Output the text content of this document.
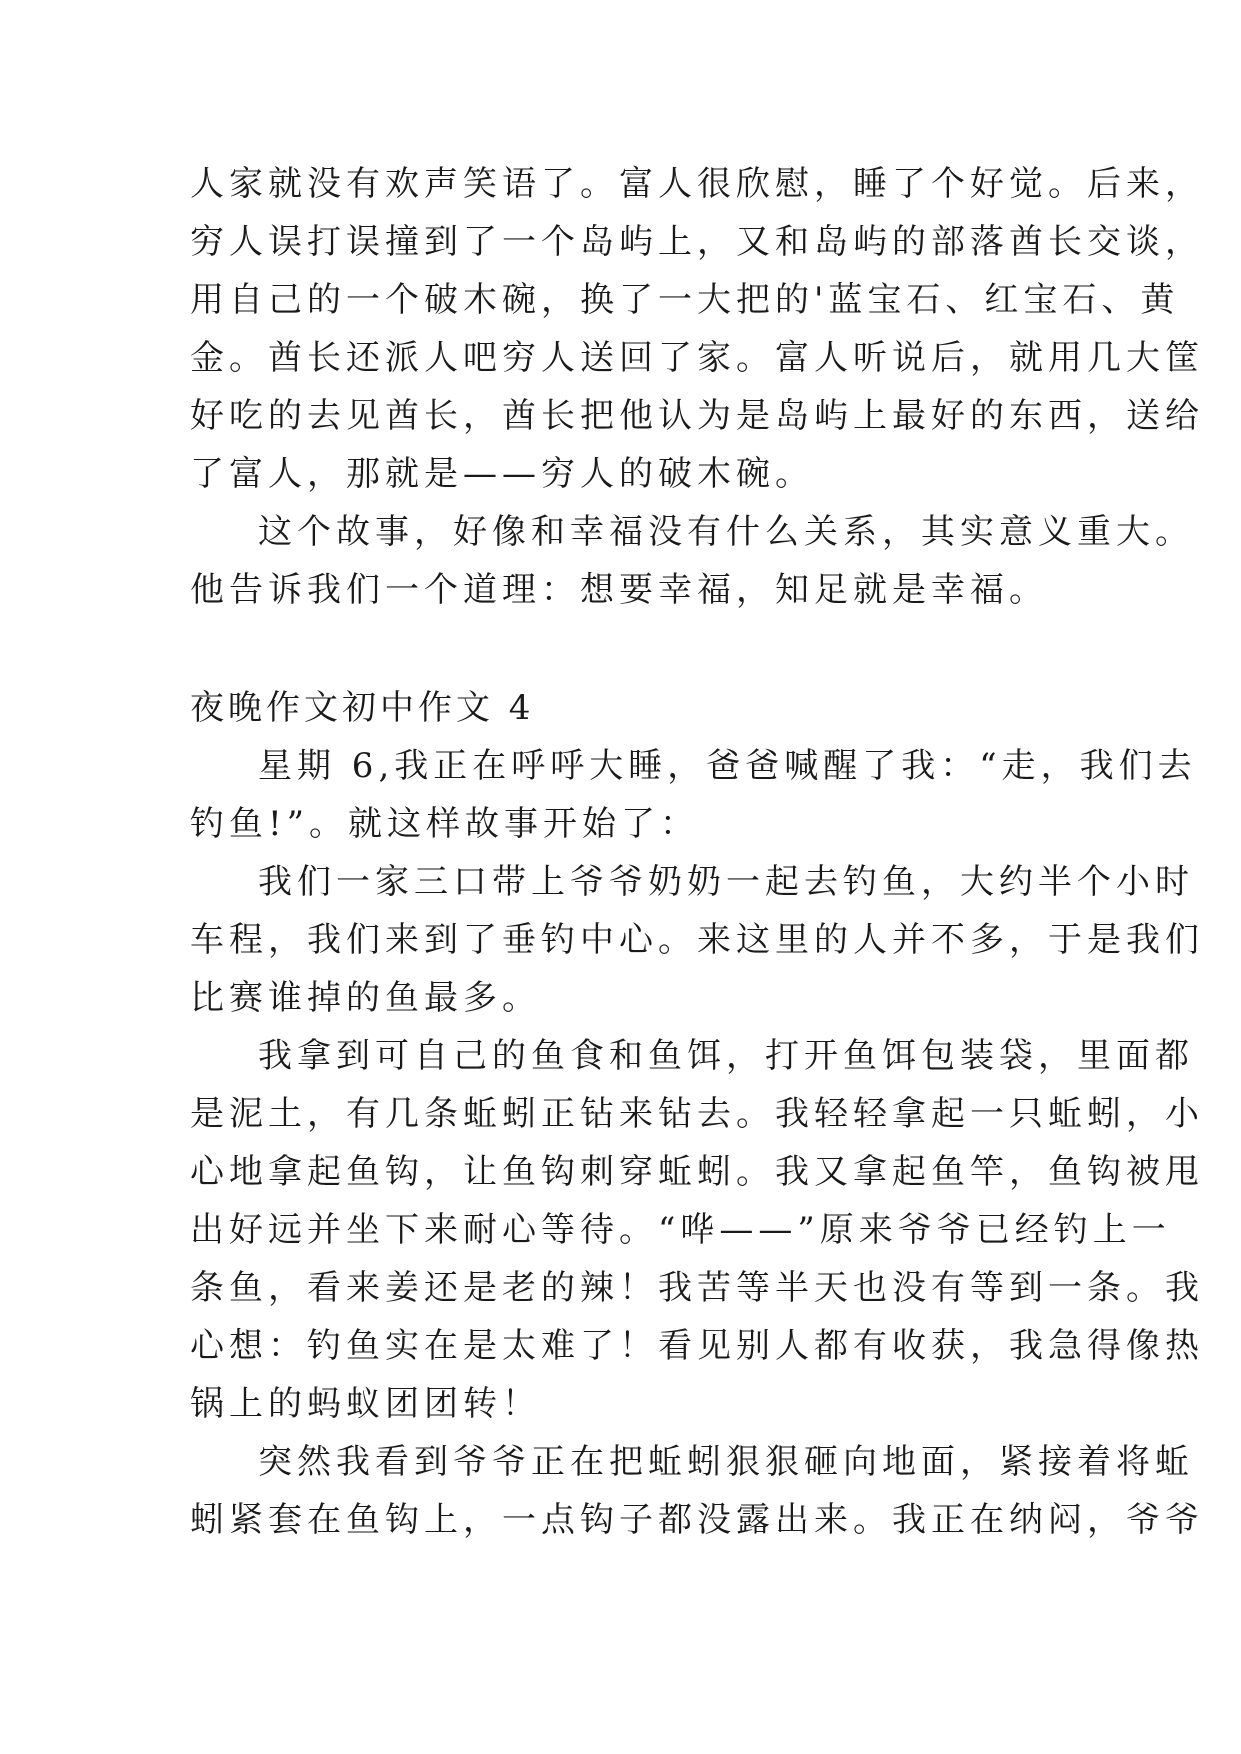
人家就没有欢声笑语了。富人很欣慰，睡了个好觉。后来，
穷人误打误撞到了一个岛屿上，又和岛屿的部落酋长交谈，
用自己的一个破木碗，换了一大把的'蓝宝石、红宝石、黄
金。酋长还派人吧穷人送回了家。富人听说后，就用几大筐
好吃的去见酋长，酋长把他认为是岛屿上最好的东西，送给
了富人，那就是——穷人的破木碗。
这个故事，好像和幸福没有什么关系，其实意义重大。
他告诉我们一个道理：想要幸福，知足就是幸福。
夜晚作文初中作文 4
星期 6,我正在呼呼大睡，爸爸喊醒了我：“走，我们去
钓鱼!”。就这样故事开始了：
我们一家三口带上爷爷奶奶一起去钓鱼，大约半个小时
车程，我们来到了垂钓中心。来这里的人并不多，于是我们
比赛谁掉的鱼最多。
我拿到可自己的鱼食和鱼饵，打开鱼饵包装袋，里面都
是泥土，有几条蚯蚓正钻来钻去。我轻轻拿起一只蚯蚓，小
心地拿起鱼钩，让鱼钩刺穿蚯蚓。我又拿起鱼竿，鱼钩被甩
出好远并坐下来耐心等待。“哗——”原来爷爷已经钓上一
条鱼，看来姜还是老的辣！我苦等半天也没有等到一条。我
心想：钓鱼实在是太难了！看见别人都有收获，我急得像热
锅上的蚂蚁团团转！
突然我看到爷爷正在把蚯蚓狠狠砸向地面，紧接着将蚯
蚓紧套在鱼钩上，一点钩子都没露出来。我正在纳闷，爷爷
